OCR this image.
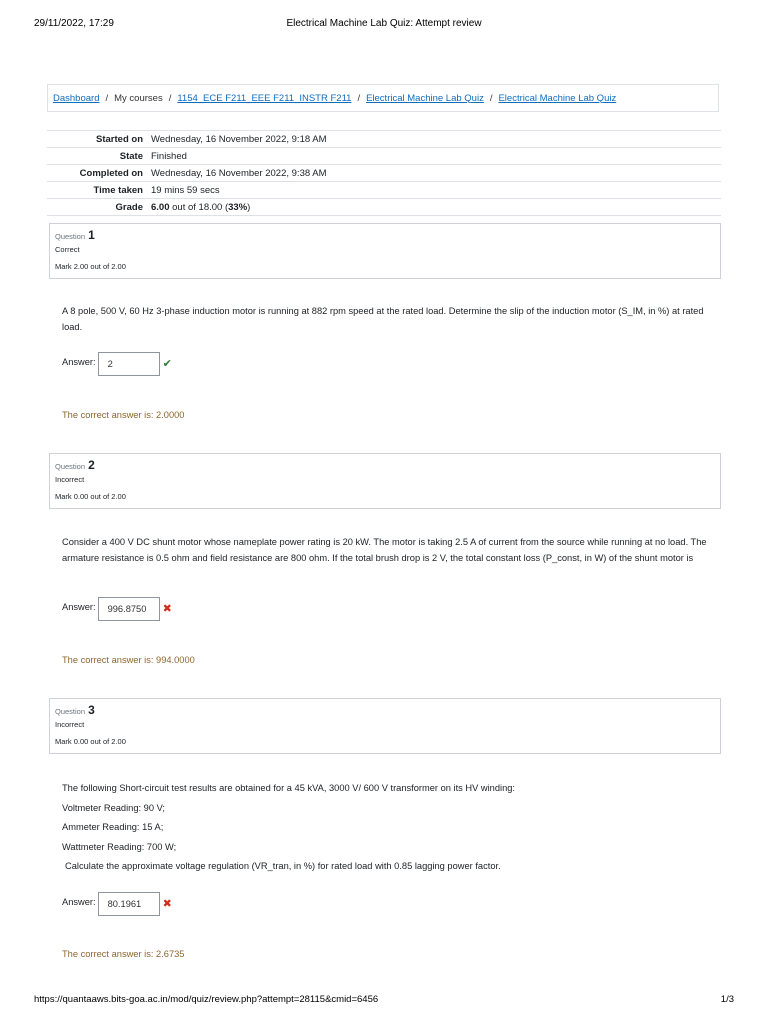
29/11/2022, 17:29	Electrical Machine Lab Quiz: Attempt review
Dashboard / My courses / 1154_ECE F211_EEE F211_INSTR F211 / Electrical Machine Lab Quiz / Electrical Machine Lab Quiz
Started on	Wednesday, 16 November 2022, 9:18 AM
State	Finished
Completed on	Wednesday, 16 November 2022, 9:38 AM
Time taken	19 mins 59 secs
Grade	6.00 out of 18.00 (33%)
Question 1
Correct
Mark 2.00 out of 2.00

A 8 pole, 500 V, 60 Hz 3-phase induction motor is running at 882 rpm speed at the rated load. Determine the slip of the induction motor (S_IM, in %) at rated load.

Answer:	2	✔
The correct answer is: 2.0000
Question 2
Incorrect
Mark 0.00 out of 2.00

Consider a 400 V DC shunt motor whose nameplate power rating is 20 kW. The motor is taking 2.5 A of current from the source while running at no load. The armature resistance is 0.5 ohm and field resistance are 800 ohm. If the total brush drop is 2 V, the total constant loss (P_const, in W) of the shunt motor is

Answer:	996.8750	✖
The correct answer is: 994.0000
Question 3
Incorrect
Mark 0.00 out of 2.00

The following Short-circuit test results are obtained for a 45 kVA, 3000 V/ 600 V transformer on its HV winding:

Voltmeter Reading: 90 V;

Ammeter Reading: 15 A;

Wattmeter Reading: 700 W;

Calculate the approximate voltage regulation (VR_tran, in %) for rated load with 0.85 lagging power factor.

Answer:	80.1961	✖
The correct answer is: 2.6735
https://quantaaws.bits-goa.ac.in/mod/quiz/review.php?attempt=28115&cmid=6456	1/3
